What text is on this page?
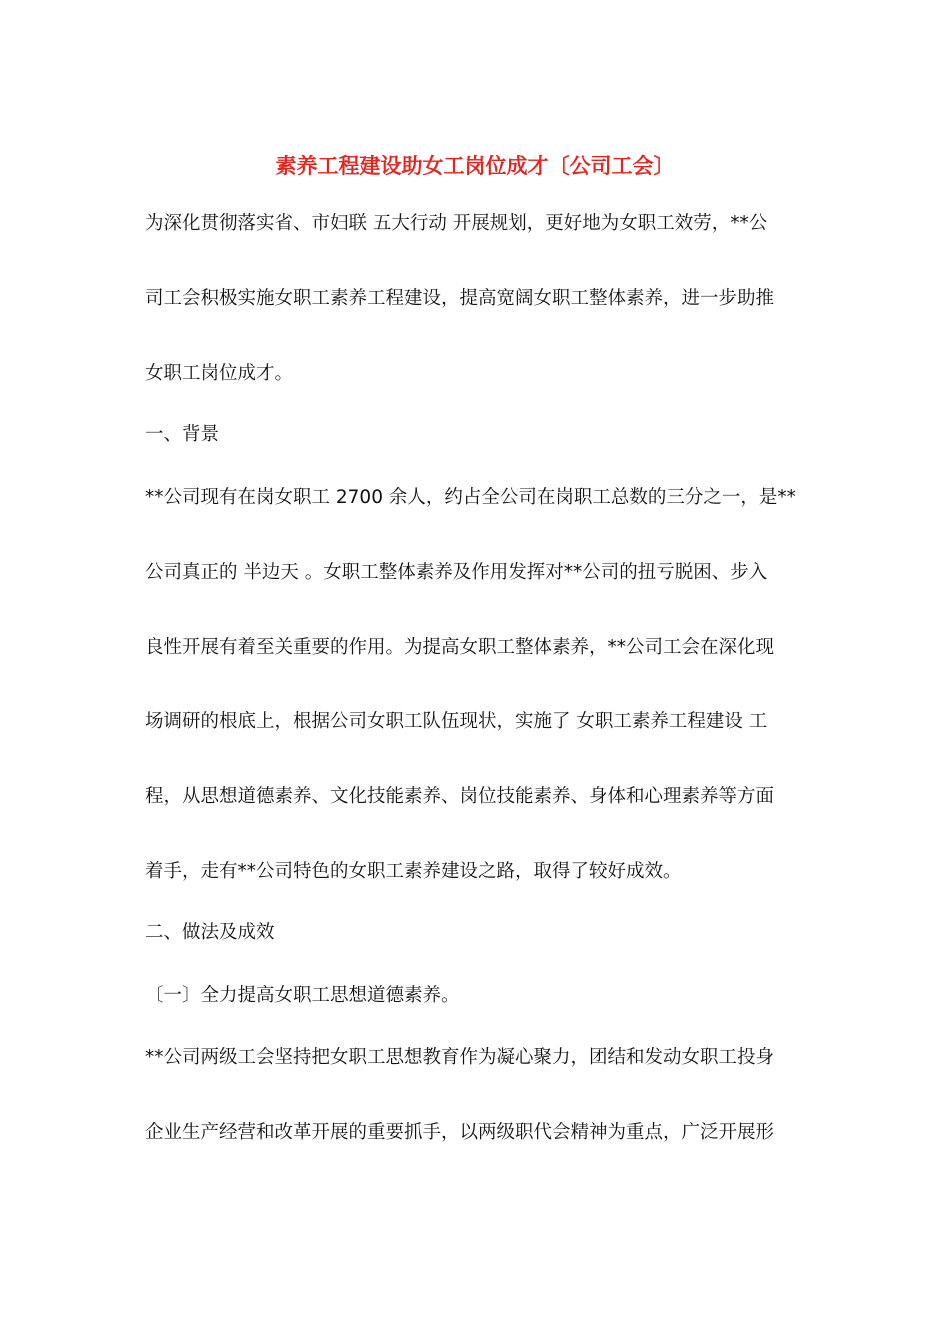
素养工程建设助女工岗位成才〔公司工会〕
为深化贯彻落实省、市妇联 五大行动 开展规划，更好地为女职工效劳，**公
司工会积极实施女职工素养工程建设，提高宽阔女职工整体素养，进一步助推
女职工岗位成才。
一、背景
**公司现有在岗女职工 2700 余人，约占全公司在岗职工总数的三分之一，是**
公司真正的 半边天 。女职工整体素养及作用发挥对**公司的扭亏脱困、步入
良性开展有着至关重要的作用。为提高女职工整体素养，**公司工会在深化现
场调研的根底上，根据公司女职工队伍现状，实施了 女职工素养工程建设 工
程，从思想道德素养、文化技能素养、岗位技能素养、身体和心理素养等方面
着手，走有**公司特色的女职工素养建设之路，取得了较好成效。
二、做法及成效
〔一〕全力提高女职工思想道德素养。
**公司两级工会坚持把女职工思想教育作为凝心聚力，团结和发动女职工投身
企业生产经营和改革开展的重要抓手，以两级职代会精神为重点，广泛开展形
